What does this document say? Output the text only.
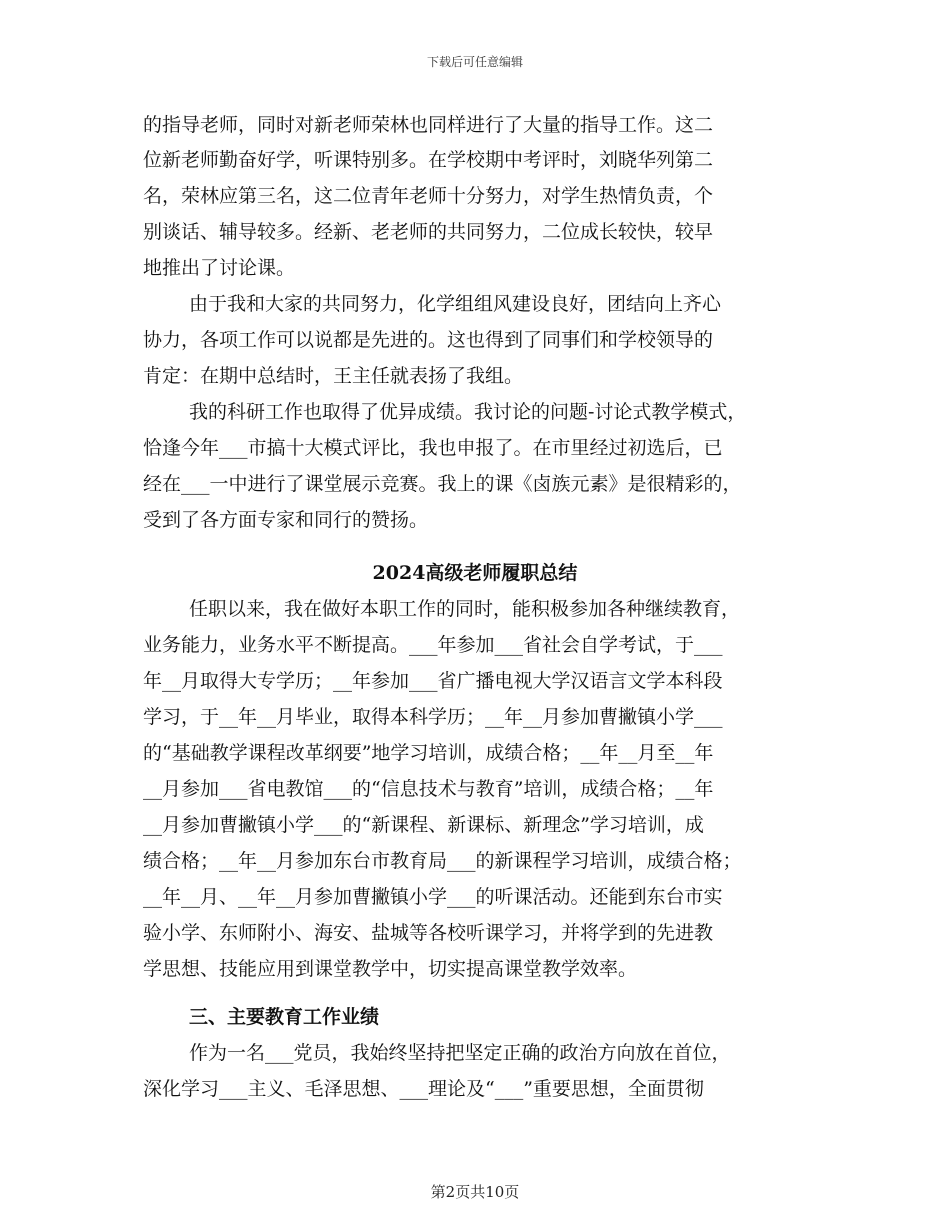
下载后可任意编辑
的指导老师，同时对新老师荣林也同样进行了大量的指导工作。这二
位新老师勤奋好学，听课特别多。在学校期中考评时，刘晓华列第二
名，荣林应第三名，这二位青年老师十分努力，对学生热情负责，个
别谈话、辅导较多。经新、老老师的共同努力，二位成长较快，较早
地推出了讨论课。
由于我和大家的共同努力，化学组组风建设良好，团结向上齐心
协力，各项工作可以说都是先进的。这也得到了同事们和学校领导的
肯定：在期中总结时，王主任就表扬了我组。
我的科研工作也取得了优异成绩。我讨论的问题-讨论式教学模式，
恰逢今年___市搞十大模式评比，我也申报了。在市里经过初选后，已
经在___一中进行了课堂展示竞赛。我上的课《卤族元素》是很精彩的，
受到了各方面专家和同行的赞扬。
2024高级老师履职总结
任职以来，我在做好本职工作的同时，能积极参加各种继续教育，
业务能力，业务水平不断提高。___年参加___省社会自学考试，于___
年__月取得大专学历；__年参加___省广播电视大学汉语言文学本科段
学习，于__年__月毕业，取得本科学历；__年__月参加曹撇镇小学___
的“基础教学课程改革纲要”地学习培训，成绩合格；__年__月至__年
__月参加___省电教馆___的“信息技术与教育”培训，成绩合格；__年
__月参加曹撇镇小学___的“新课程、新课标、新理念”学习培训，成
绩合格；__年__月参加东台市教育局___的新课程学习培训，成绩合格；
__年__月、__年__月参加曹撇镇小学___的听课活动。还能到东台市实
验小学、东师附小、海安、盐城等各校听课学习，并将学到的先进教
学思想、技能应用到课堂教学中，切实提高课堂教学效率。
三、主要教育工作业绩
作为一名___党员，我始终坚持把坚定正确的政治方向放在首位，
深化学习___主义、毛泽思想、___理论及“___”重要思想，全面贯彻
第2页共10页
